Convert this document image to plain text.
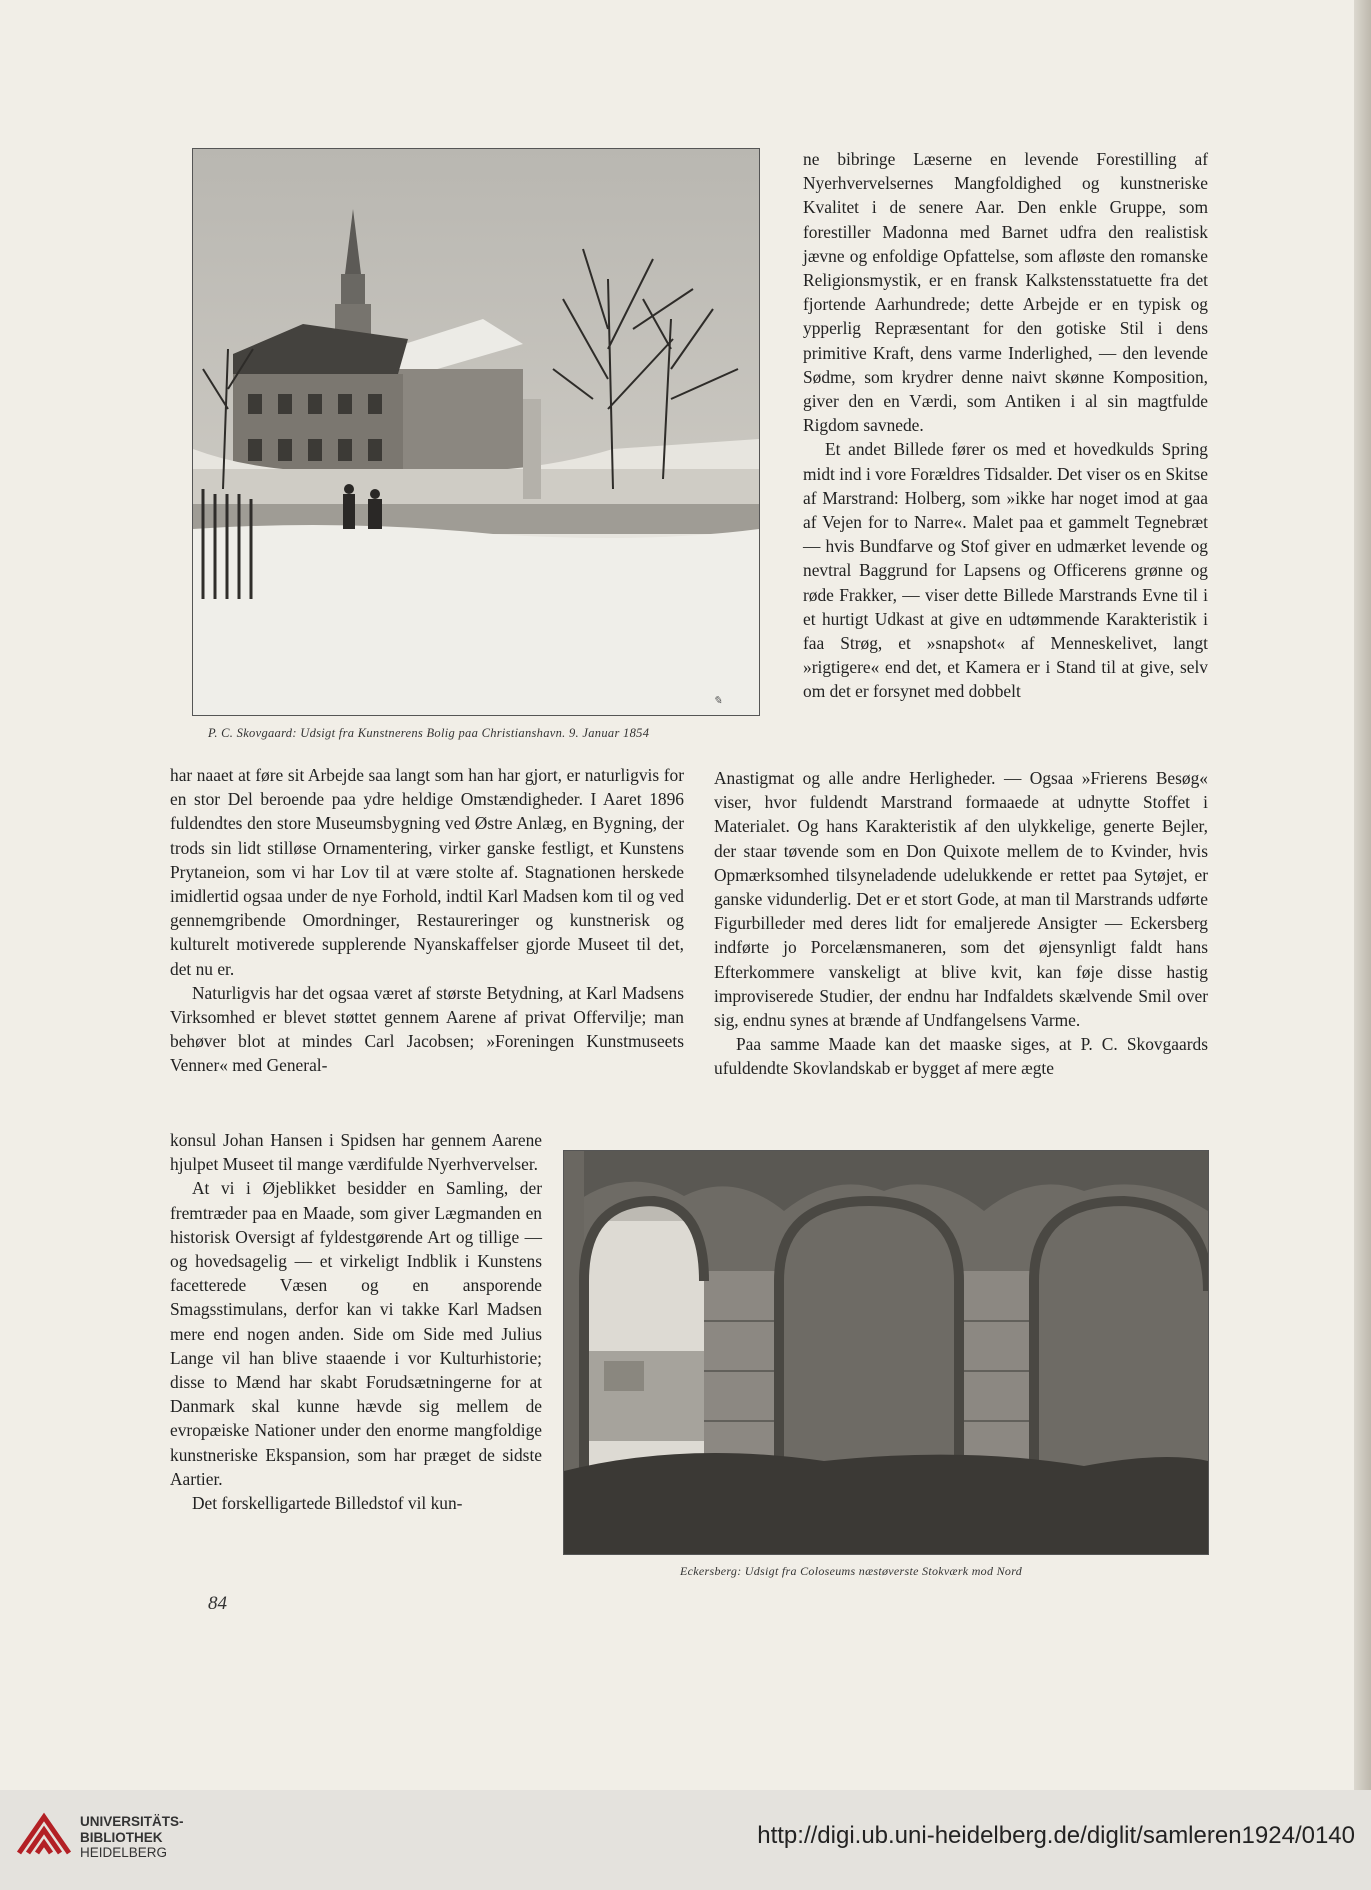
✎
P. C. Skovgaard: Udsigt fra Kunstnerens Bolig paa Christianshavn. 9. Januar 1854

ne bibringe Læserne en levende Forestilling af Nyerhvervelsernes Mangfoldighed og kunstneriske Kvalitet i de senere Aar. Den enkle Gruppe, som forestiller Madonna med Barnet udfra den realistisk jævne og enfoldige Opfattelse, som afløste den romanske Religionsmystik, er en fransk Kalkstensstatuette fra det fjortende Aarhundrede; dette Arbejde er en typisk og ypperlig Repræsentant for den gotiske Stil i dens primitive Kraft, dens varme Inderlighed, — den levende Sødme, som krydrer denne naivt skønne Komposition, giver den en Værdi, som Antiken i al sin magtfulde Rigdom savnede.

Et andet Billede fører os med et hovedkulds Spring midt ind i vore Forældres Tidsalder. Det viser os en Skitse af Marstrand: Holberg, som »ikke har noget imod at gaa af Vejen for to Narre«. Malet paa et gammelt Tegnebræt — hvis Bundfarve og Stof giver en udmærket levende og nevtral Baggrund for Lapsens og Officerens grønne og røde Frakker, — viser dette Billede Marstrands Evne til i et hurtigt Udkast at give en udtømmende Karakteristik i faa Strøg, et »snapshot« af Menneskelivet, langt »rigtigere« end det, et Kamera er i Stand til at give, selv om det er forsynet med dobbelt

har naaet at føre sit Arbejde saa langt som han har gjort, er naturligvis for en stor Del beroende paa ydre heldige Omstændigheder. I Aaret 1896 fuldendtes den store Museumsbygning ved Østre Anlæg, en Bygning, der trods sin lidt stilløse Ornamentering, virker ganske festligt, et Kunstens Prytaneion, som vi har Lov til at være stolte af. Stagnationen herskede imidlertid ogsaa under de nye Forhold, indtil Karl Madsen kom til og ved gennemgribende Omordninger, Restaureringer og kunstnerisk og kulturelt motiverede supplerende Nyanskaffelser gjorde Museet til det, det nu er.

Naturligvis har det ogsaa været af største Betydning, at Karl Madsens Virksomhed er blevet støttet gennem Aarene af privat Offervilje; man behøver blot at mindes Carl Jacobsen; »Foreningen Kunstmuseets Venner« med General-

konsul Johan Hansen i Spidsen har gennem Aarene hjulpet Museet til mange værdifulde Nyerhvervelser.

At vi i Øjeblikket besidder en Samling, der fremtræder paa en Maade, som giver Lægmanden en historisk Oversigt af fyldestgørende Art og tillige — og hovedsagelig — et virkeligt Indblik i Kunstens facetterede Væsen og en ansporende Smagsstimulans, derfor kan vi takke Karl Madsen mere end nogen anden. Side om Side med Julius Lange vil han blive staaende i vor Kulturhistorie; disse to Mænd har skabt Forudsætningerne for at Danmark skal kunne hævde sig mellem de evropæiske Nationer under den enorme mangfoldige kunstneriske Ekspansion, som har præget de sidste Aartier.

Det forskelligartede Billedstof vil kun-

Anastigmat og alle andre Herligheder. — Ogsaa »Frierens Besøg« viser, hvor fuldendt Marstrand formaaede at udnytte Stoffet i Materialet. Og hans Karakteristik af den ulykkelige, generte Bejler, der staar tøvende som en Don Quixote mellem de to Kvinder, hvis Opmærksomhed tilsyneladende udelukkende er rettet paa Sytøjet, er ganske vidunderlig. Det er et stort Gode, at man til Marstrands udførte Figurbilleder med deres lidt for emaljerede Ansigter — Eckersberg indførte jo Porcelænsmaneren, som det øjensynligt faldt hans Efterkommere vanskeligt at blive kvit, kan føje disse hastig improviserede Studier, der endnu har Indfaldets skælvende Smil over sig, endnu synes at brænde af Undfangelsens Varme.

Paa samme Maade kan det maaske siges, at P. C. Skovgaards ufuldendte Skovlandskab er bygget af mere ægte

Eckersberg: Udsigt fra Coloseums næstøverste Stokværk mod Nord
84
UNIVERSITÄTS-
BIBLIOTHEK
HEIDELBERG
http://digi.ub.uni-heidelberg.de/diglit/samleren1924/0140
